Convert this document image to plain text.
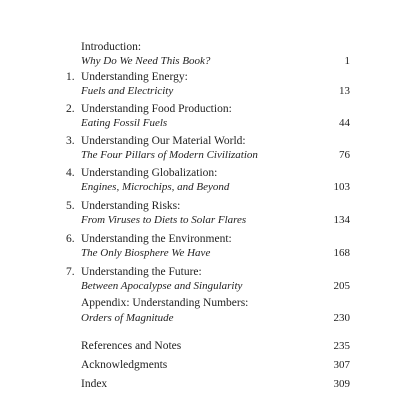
Introduction:
Why Do We Need This Book?	1
1. Understanding Energy:
Fuels and Electricity	13
2. Understanding Food Production:
Eating Fossil Fuels	44
3. Understanding Our Material World:
The Four Pillars of Modern Civilization	76
4. Understanding Globalization:
Engines, Microchips, and Beyond	103
5. Understanding Risks:
From Viruses to Diets to Solar Flares	134
6. Understanding the Environment:
The Only Biosphere We Have	168
7. Understanding the Future:
Between Apocalypse and Singularity	205
Appendix: Understanding Numbers:
Orders of Magnitude	230
References and Notes	235
Acknowledgments	307
Index	309
